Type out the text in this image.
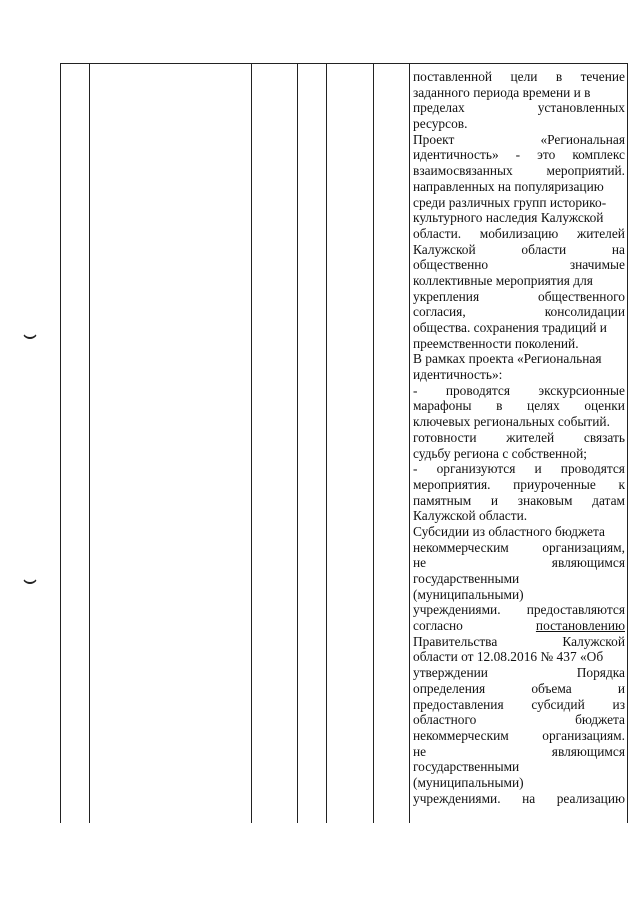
поставленной цели в течение
заданного периода времени и в
пределах	установленных
ресурсов.
Проект	«Региональная
идентичность» - это комплекс
взаимосвязанных	мероприятий.
направленных на популяризацию
среди различных групп историко-
культурного наследия Калужской
области. мобилизацию жителей
Калужской	области	на
общественно	значимые
коллективные мероприятия для
укрепления	общественного
согласия,	консолидации
общества. сохранения традиций и
преемственности поколений.
В рамках проекта «Региональная
идентичность»:
- проводятся экскурсионные
марафоны в целях оценки
ключевых региональных событий.
готовности жителей связать
судьбу региона с собственной;
- организуются и проводятся
мероприятия. приуроченные к
памятным и знаковым датам
Калужской области.
Субсидии из областного бюджета
некоммерческим	организациям,
не	являющимся
государственными
(муниципальными)
учреждениями. предоставляются
согласно	постановлению
Правительства	Калужской
области от 12.08.2016 № 437 «Об
утверждении	Порядка
определения	объема	и
предоставления субсидий из
областного	бюджета
некоммерческим	организациям.
не	являющимся
государственными
(муниципальными)
учреждениями. на реализацию
